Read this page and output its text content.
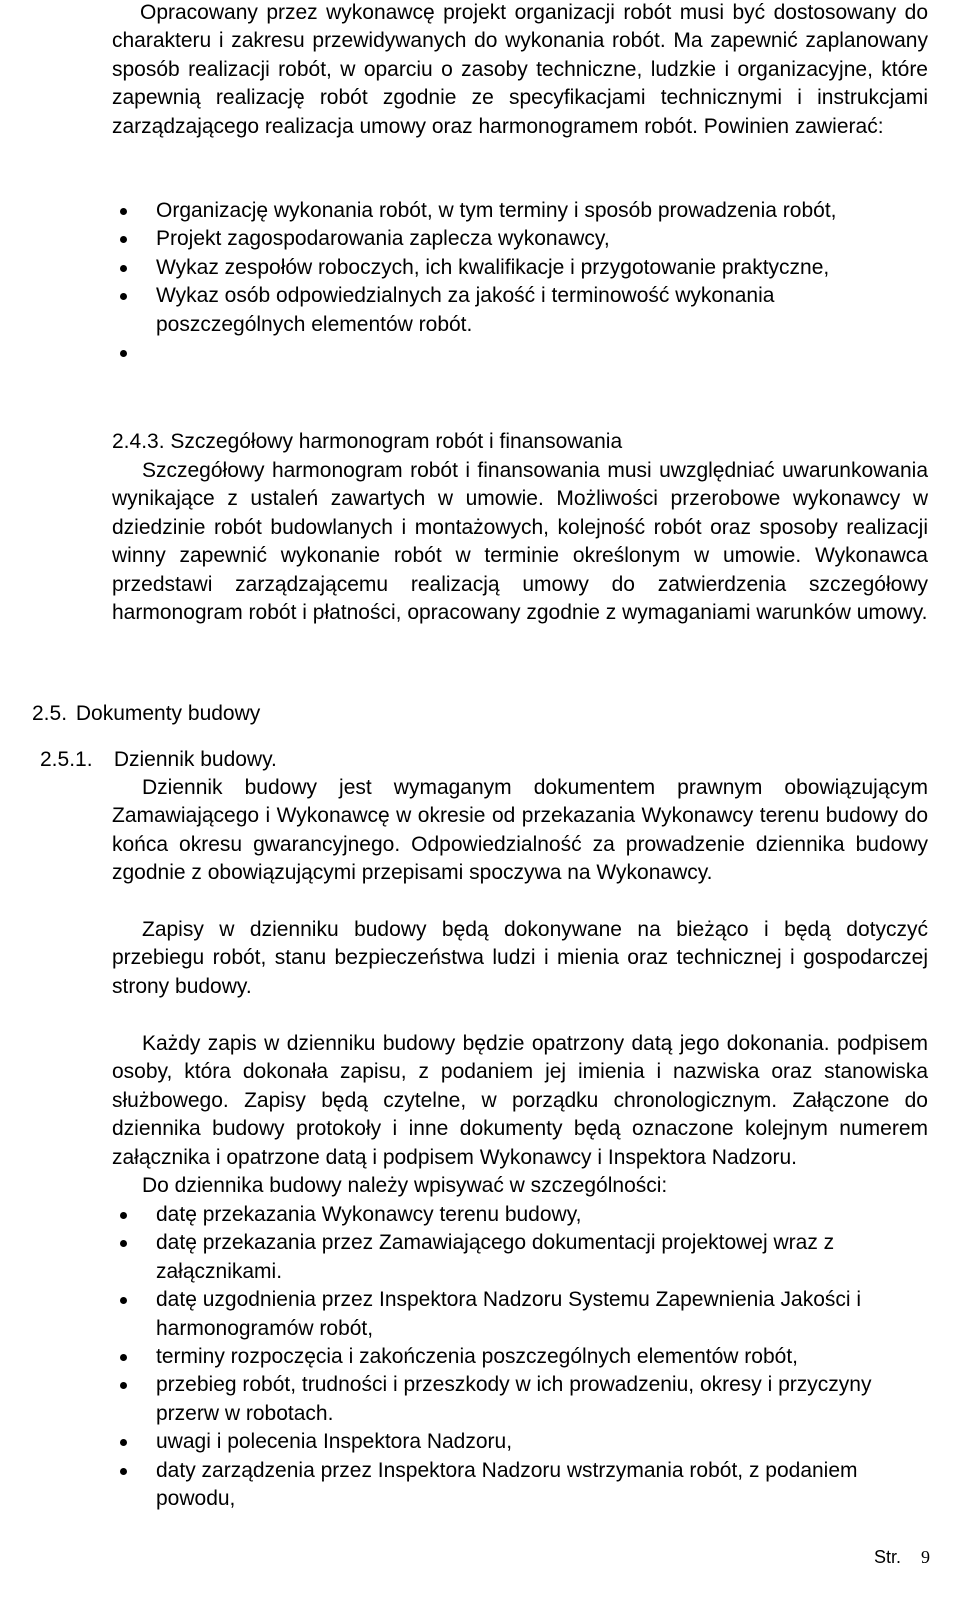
Opracowany przez wykonawcę projekt organizacji robót musi być dostosowany do charakteru i zakresu przewidywanych do wykonania robót. Ma zapewnić zaplanowany sposób realizacji robót, w oparciu o zasoby techniczne, ludzkie i organizacyjne, które zapewnią realizację robót zgodnie ze specyfikacjami technicznymi i instrukcjami zarządzającego realizacja umowy oraz harmonogramem robót. Powinien zawierać:

Organizację wykonania robót, w tym terminy i sposób prowadzenia robót,
Projekt zagospodarowania zaplecza wykonawcy,
Wykaz zespołów roboczych, ich kwalifikacje i przygotowanie praktyczne,
Wykaz osób odpowiedzialnych za jakość i terminowość wykonania poszczególnych elementów robót.
2.4.3. Szczegółowy harmonogram robót i finansowania

Szczegółowy harmonogram robót i finansowania musi uwzględniać uwarunkowania wynikające z ustaleń zawartych w umowie. Możliwości przerobowe wykonawcy w dziedzinie robót budowlanych i montażowych, kolejność robót oraz sposoby realizacji winny zapewnić wykonanie robót w terminie określonym w umowie. Wykonawca przedstawi zarządzającemu realizacją umowy do zatwierdzenia szczegółowy harmonogram robót i płatności, opracowany zgodnie z wymaganiami warunków umowy.

2.5. Dokumenty budowy
2.5.1. Dziennik budowy.

Dziennik budowy jest wymaganym dokumentem prawnym obowiązującym Zamawiającego i Wykonawcę w okresie od przekazania Wykonawcy terenu budowy do końca okresu gwarancyjnego. Odpowiedzialność za prowadzenie dziennika budowy zgodnie z obowiązującymi przepisami spoczywa na Wykonawcy.

Zapisy w dzienniku budowy będą dokonywane na bieżąco i będą dotyczyć przebiegu robót, stanu bezpieczeństwa ludzi i mienia oraz technicznej i gospodarczej strony budowy.

Każdy zapis w dzienniku budowy będzie opatrzony datą jego dokonania. podpisem osoby, która dokonała zapisu, z podaniem jej imienia i nazwiska oraz stanowiska służbowego. Zapisy będą czytelne, w porządku chronologicznym. Załączone do dziennika budowy protokoły i inne dokumenty będą oznaczone kolejnym numerem załącznika i opatrzone datą i podpisem Wykonawcy i Inspektora Nadzoru.

Do dziennika budowy należy wpisywać w szczególności:

datę przekazania Wykonawcy terenu budowy,
datę przekazania przez Zamawiającego dokumentacji projektowej wraz z załącznikami.
datę uzgodnienia przez Inspektora Nadzoru Systemu Zapewnienia Jakości i harmonogramów robót,
terminy rozpoczęcia i zakończenia poszczególnych elementów robót,
przebieg robót, trudności i przeszkody w ich prowadzeniu, okresy i przyczyny przerw w robotach.
uwagi i polecenia Inspektora Nadzoru,
daty zarządzenia przez Inspektora Nadzoru wstrzymania robót, z podaniem powodu,
Str. 9
